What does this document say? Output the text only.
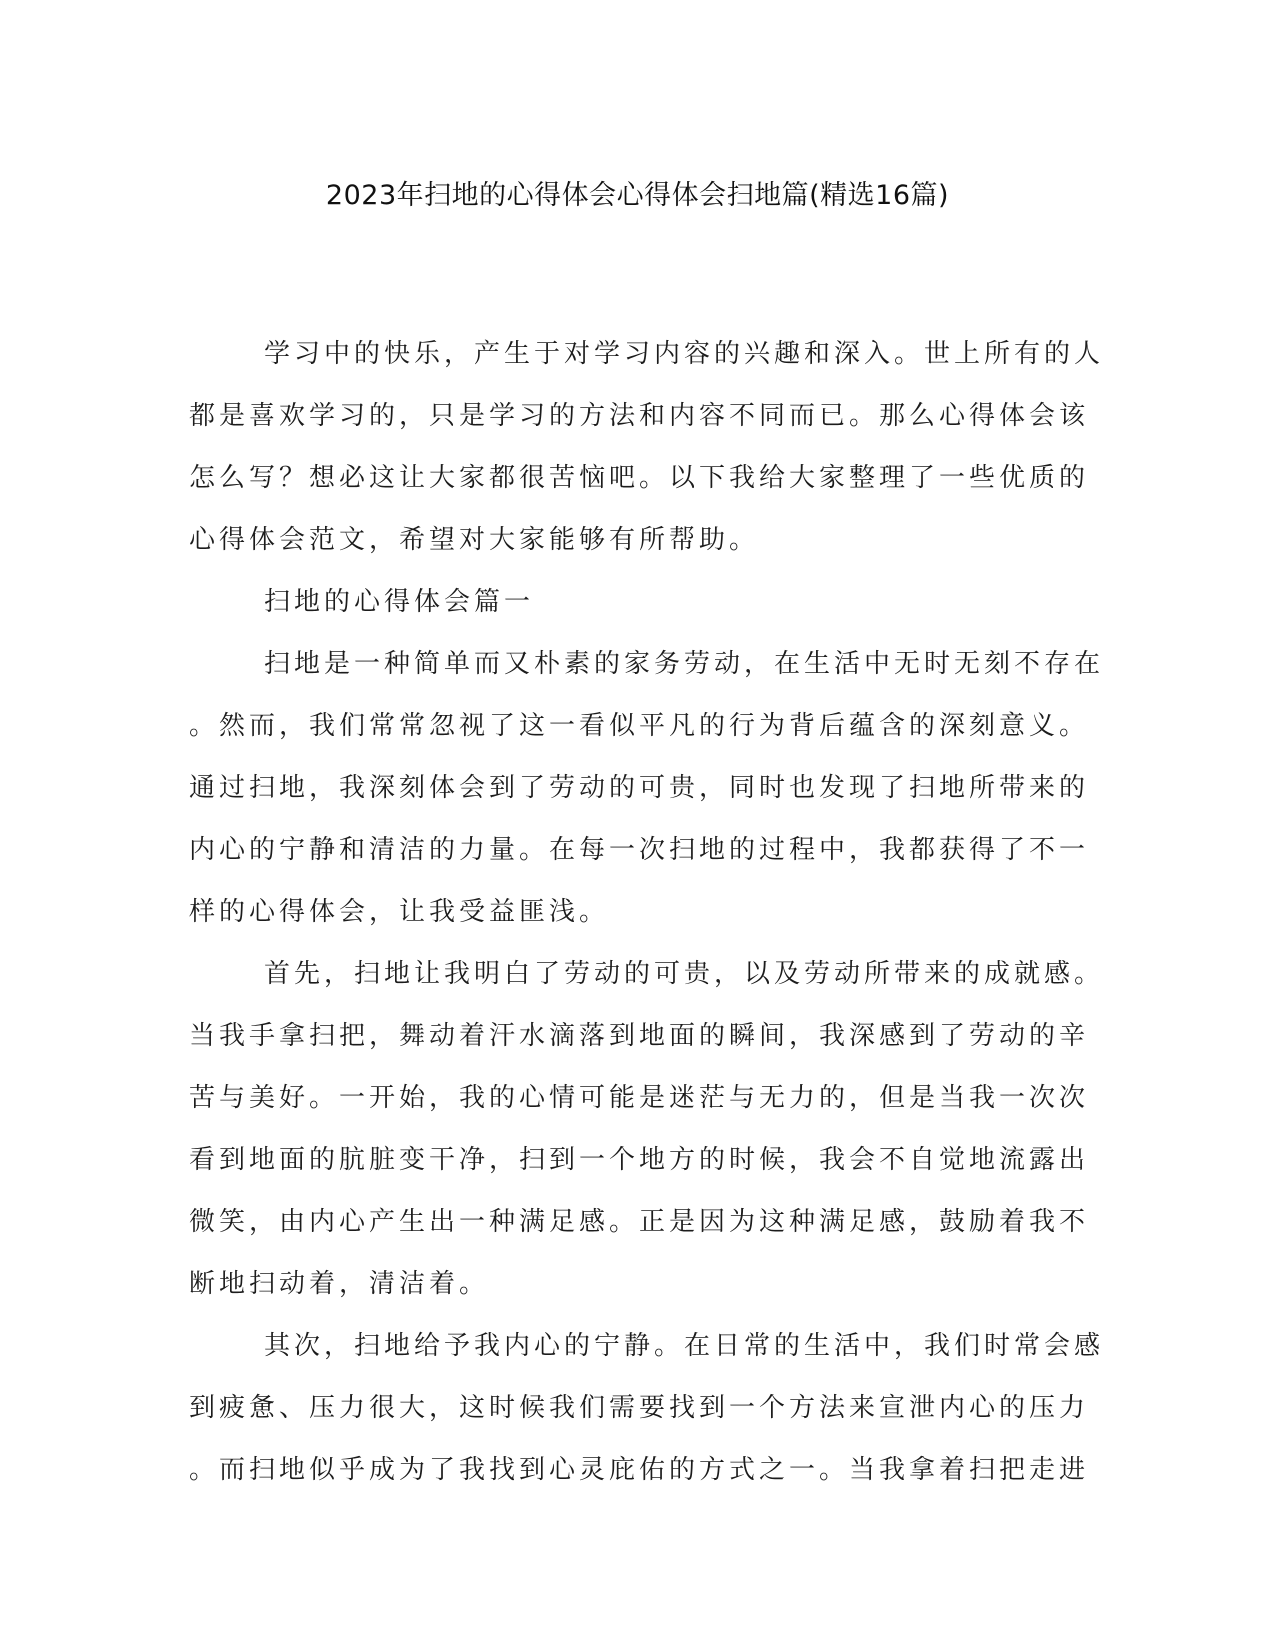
2023年扫地的心得体会心得体会扫地篇(精选16篇)
学习中的快乐，产生于对学习内容的兴趣和深入。世上所有的人
都是喜欢学习的，只是学习的方法和内容不同而已。那么心得体会该
怎么写？想必这让大家都很苦恼吧。以下我给大家整理了一些优质的
心得体会范文，希望对大家能够有所帮助。
扫地的心得体会篇一
扫地是一种简单而又朴素的家务劳动，在生活中无时无刻不存在
。然而，我们常常忽视了这一看似平凡的行为背后蕴含的深刻意义。
通过扫地，我深刻体会到了劳动的可贵，同时也发现了扫地所带来的
内心的宁静和清洁的力量。在每一次扫地的过程中，我都获得了不一
样的心得体会，让我受益匪浅。
首先，扫地让我明白了劳动的可贵，以及劳动所带来的成就感。
当我手拿扫把，舞动着汗水滴落到地面的瞬间，我深感到了劳动的辛
苦与美好。一开始，我的心情可能是迷茫与无力的，但是当我一次次
看到地面的肮脏变干净，扫到一个地方的时候，我会不自觉地流露出
微笑，由内心产生出一种满足感。正是因为这种满足感，鼓励着我不
断地扫动着，清洁着。
其次，扫地给予我内心的宁静。在日常的生活中，我们时常会感
到疲惫、压力很大，这时候我们需要找到一个方法来宣泄内心的压力
。而扫地似乎成为了我找到心灵庇佑的方式之一。当我拿着扫把走进
